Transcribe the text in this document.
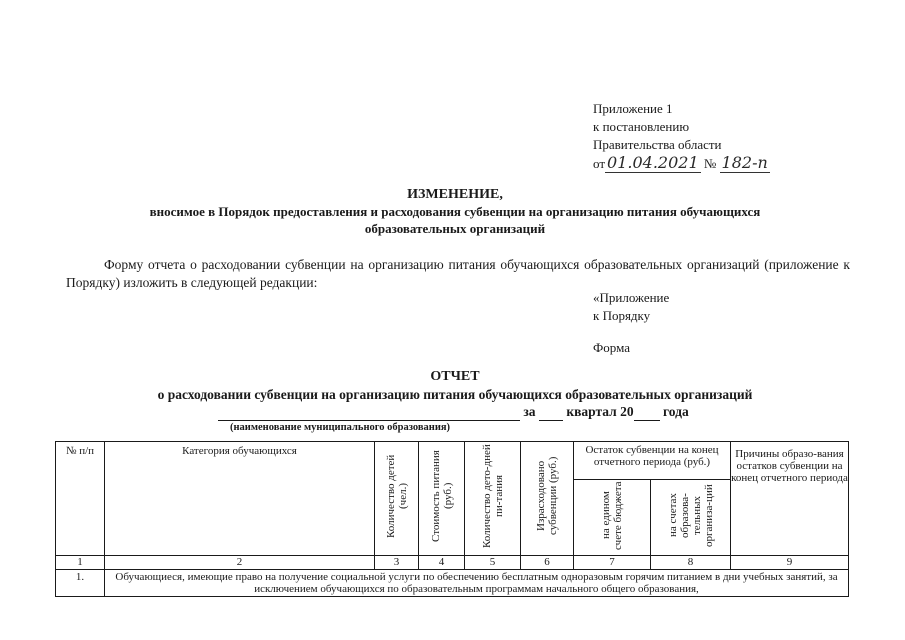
Приложение 1
к постановлению
Правительства области
от 01.04.2021 № 182-п
ИЗМЕНЕНИЕ,
вносимое в Порядок предоставления и расходования субвенции на организацию питания обучающихся образовательных организаций
Форму отчета о расходовании субвенции на организацию питания обучающихся образовательных организаций (приложение к Порядку) изложить в следующей редакции:
«Приложение
к Порядку
Форма
ОТЧЕТ
о расходовании субвенции на организацию питания обучающихся образовательных организаций
за квартал 20 года
(наименование муниципального образования)
№ п/п	Категория обучающихся	Количество детей (чел.)	Стоимость питания (руб.)	Количество дето-дней пи-тания	Израсходовано субвенции (руб.)	Остаток субвенции на конец отчетного периода (руб.)		Причины образо-вания остатков субвенции на конец отчетного периода

						на едином счете бюджета	на счетах образова-тельных организа-ций	

1	2	3	4	5	6	7	8	9
1.	Обучающиеся, имеющие право на получение социальной услуги по обеспечению бесплатным одноразовым горячим питанием в дни учебных занятий, за исключением обучающихся по образовательным программам начального общего образования,							
